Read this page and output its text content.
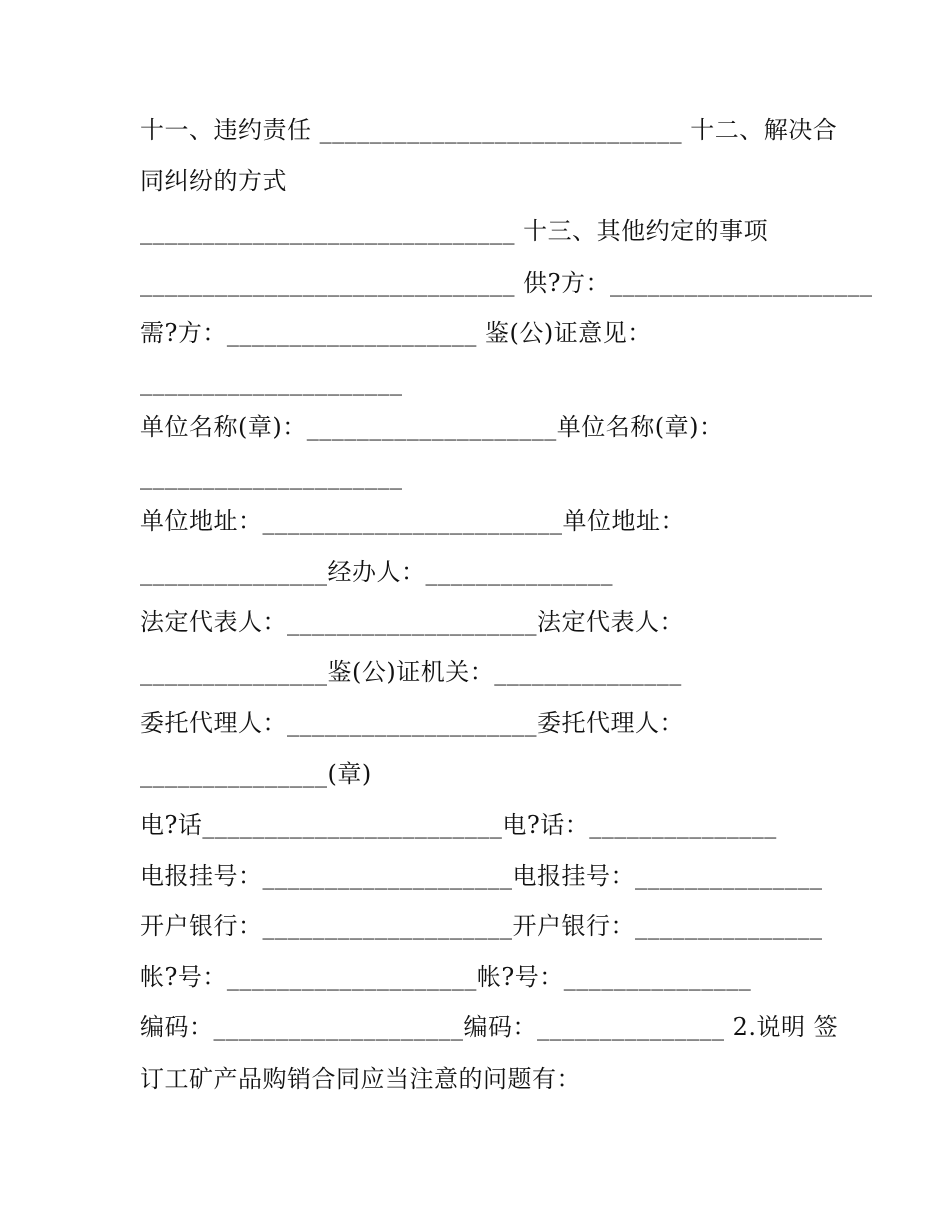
十一、违约责任 _____________________________ 十二、解决合
同纠纷的方式
______________________________ 十三、其他约定的事项
______________________________ 供?方：_____________________
需?方：____________________ 鉴(公)证意见：
_____________________
单位名称(章)：____________________单位名称(章)：
_____________________
单位地址：________________________单位地址：
_______________经办人：_______________
法定代表人：____________________法定代表人：
_______________鉴(公)证机关：_______________
委托代理人：____________________委托代理人：
_______________(章)
电?话________________________电?话：_______________
电报挂号：____________________电报挂号：_______________
开户银行：____________________开户银行：_______________
帐?号：____________________帐?号：_______________
编码：____________________编码：_______________ 2.说明 签
订工矿产品购销合同应当注意的问题有：
